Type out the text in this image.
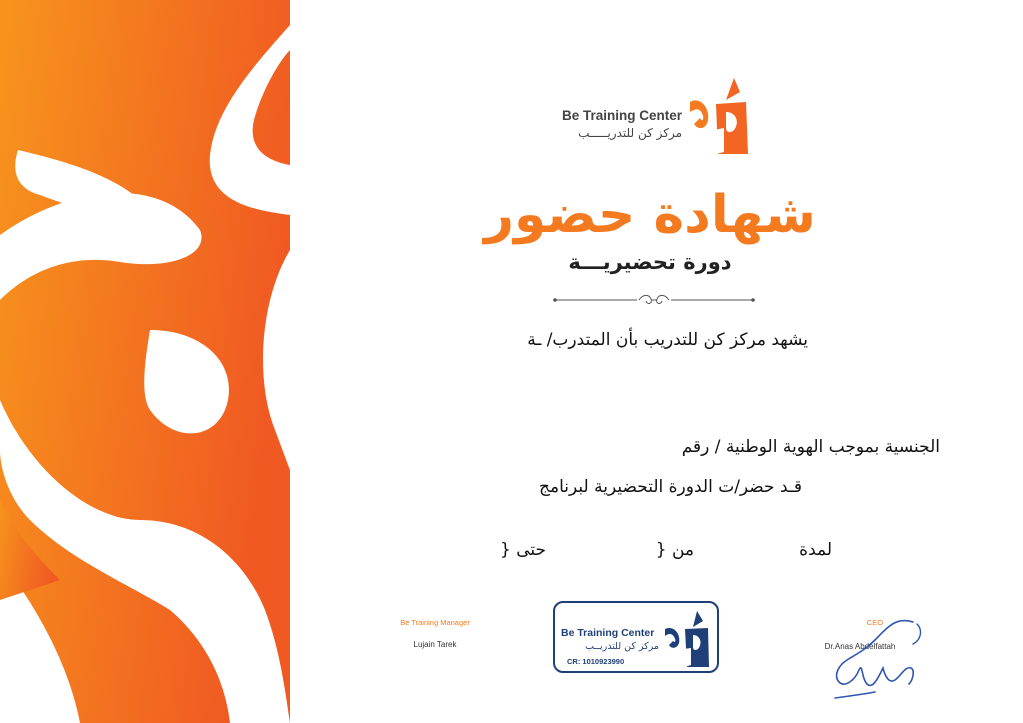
Be Training Center
مركز كن للتدريـــــب
شهادة حضور
دورة تحضيريـــة
يشهد مركز كن للتدريب بأن المتدرب/ ـة
الجنسية بموجب الهوية الوطنية / رقم
قـد حضر/ت الدورة التحضيرية لبرنامج
لمدة
من {
حتى {
Be Training Manager
Lujain Tarek
Be Training Center
مركز كن للتدريــب
CR: 1010923990
CEO
Dr.Anas Abdelfattah
